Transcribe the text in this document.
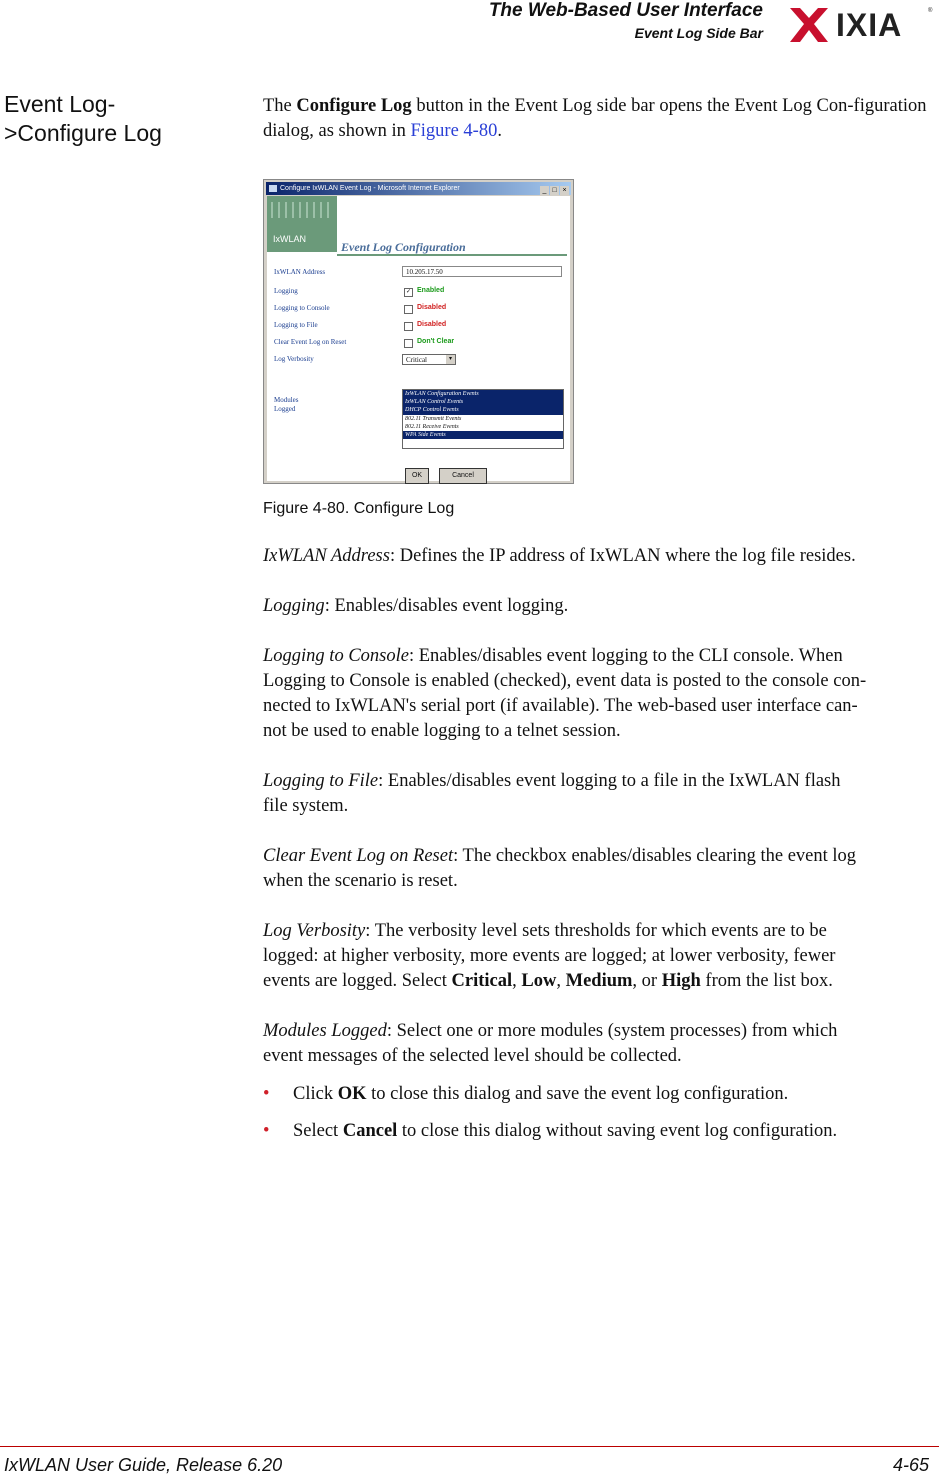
The Web-Based User Interface
Event Log Side Bar IXIA	®
Event Log->Configure Log
The Configure Log button in the Event Log side bar opens the Event Log Con-figuration dialog, as shown in Figure 4-80.
Configure IxWLAN Event Log - Microsoft Internet Explorer	_ □ ×
IxWLAN
Event Log Configuration
IxWLAN Address	10.205.17.50
Logging	✓ Enabled
Logging to Console	Disabled
Logging to File	Disabled
Clear Event Log on Reset	Don't Clear
Log Verbosity	Critical	▾
Modules Logged
IxWLAN Configuration Events
IxWLAN Control Events
DHCP Control Events
802.11 Transmit Events
802.11 Receive Events
WPA Side Events
OK	Cancel
Figure 4-80. Configure Log
IxWLAN Address: Defines the IP address of IxWLAN where the log file resides.
Logging: Enables/disables event logging.
Logging to Console: Enables/disables event logging to the CLI console. When
Logging to Console is enabled (checked), event data is posted to the console con-
nected to IxWLAN's serial port (if available). The web-based user interface can-
not be used to enable logging to a telnet session.
Logging to File: Enables/disables event logging to a file in the IxWLAN flash
file system.
Clear Event Log on Reset: The checkbox enables/disables clearing the event log
when the scenario is reset.
Log Verbosity: The verbosity level sets thresholds for which events are to be
logged: at higher verbosity, more events are logged; at lower verbosity, fewer
events are logged. Select Critical, Low, Medium, or High from the list box.
Modules Logged: Select one or more modules (system processes) from which
event messages of the selected level should be collected.
• Click OK to close this dialog and save the event log configuration.
• Select Cancel to close this dialog without saving event log configuration.
IxWLAN User Guide, Release 6.20	4-65
